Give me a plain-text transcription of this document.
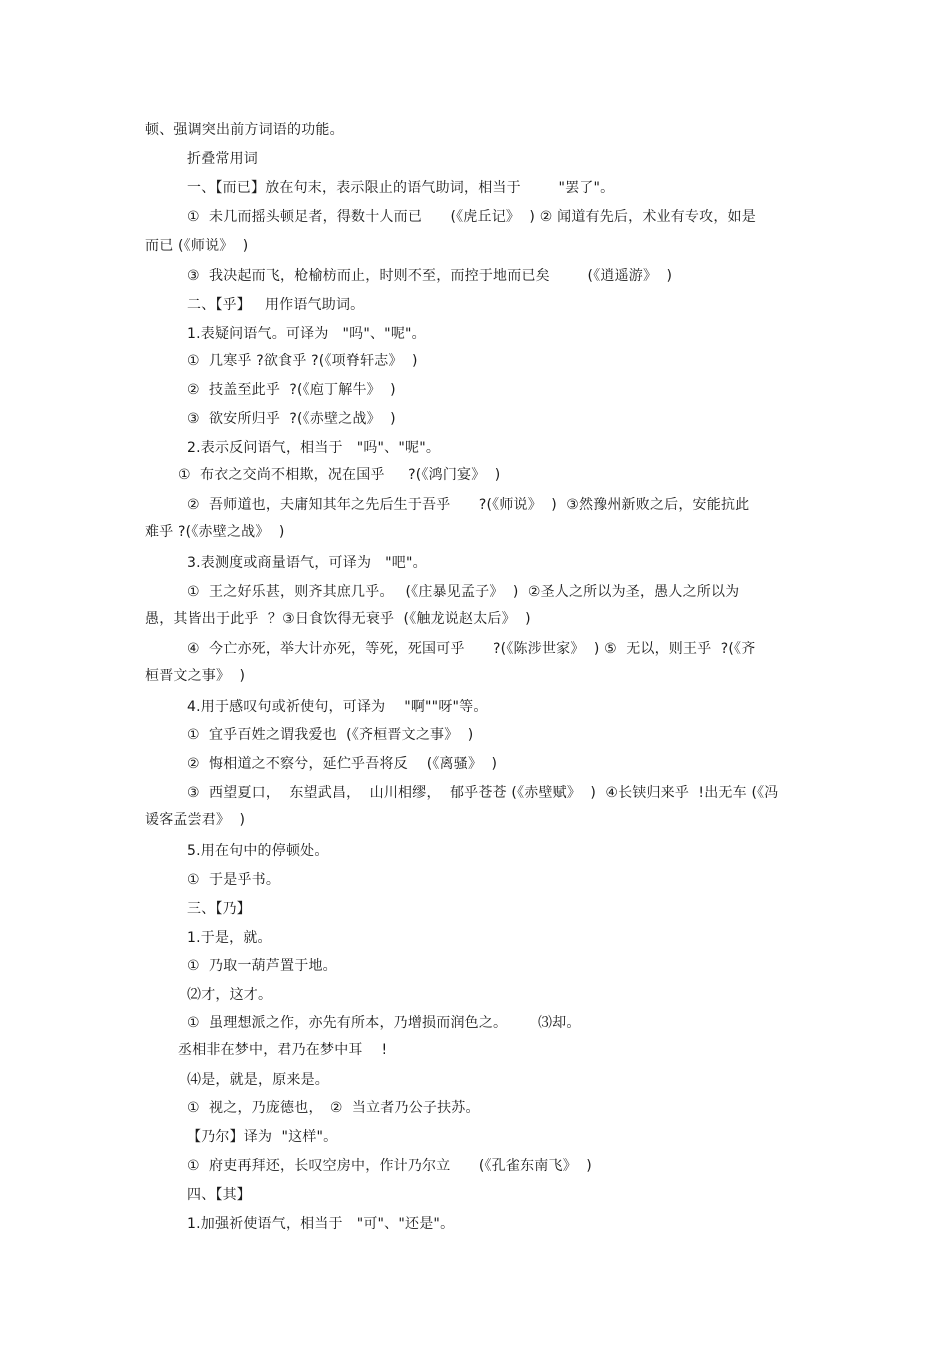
顿、强调突出前方词语的功能。
折叠常用词
一、【而已】放在句末，表示限止的语气助词，相当于　　  "罢了"。
①  未几而摇头顿足者，得数十人而已　　(《虎丘记》  ) ② 闻道有先后，术业有专攻，如是
而已 (《师说》  )
③  我决起而飞，枪榆枋而止，时则不至，而控于地而已矣　　  (《逍遥游》  )
二、【乎】   用作语气助词。
1.表疑问语气。可译为   "吗"、"呢"。
①  几寒乎 ?欲食乎 ?(《项脊轩志》  )
②  技盖至此乎  ?(《庖丁解牛》  )
③  欲安所归乎  ?(《赤壁之战》  )
2.表示反问语气，相当于   "吗"、"呢"。
①  布衣之交尚不相欺，况在国乎　  ?(《鸿门宴》  )
②  吾师道也，夫庸知其年之先后生于吾乎　　?(《师说》  )  ③然豫州新败之后，安能抗此
难乎 ?(《赤壁之战》  )
3.表测度或商量语气，可译为   "吧"。
①  王之好乐甚，则齐其庶几乎。　 (《庄暴见孟子》  )  ②圣人之所以为圣，愚人之所以为
愚，其皆出于此乎  ？③日食饮得无衰乎  (《触龙说赵太后》  )
④  今亡亦死，举大计亦死，等死，死国可乎　　?(《陈涉世家》  ) ⑤  无以，则王乎  ?(《齐
桓晋文之事》  )
4.用于感叹句或祈使句，可译为　 "啊""呀"等。
①  宜乎百姓之谓我爱也  (《齐桓晋文之事》  )
②  悔相道之不察兮，延伫乎吾将反　 (《离骚》  )
③  西望夏口，  东望武昌，  山川相缪，  郁乎苍苍 (《赤壁赋》  )  ④长铗归来乎  !出无车 (《冯
谖客孟尝君》  )
5.用在句中的停顿处。
①  于是乎书。
三、【乃】
1.于是，就。
①  乃取一葫芦置于地。
⑵才，这才。
①  虽理想派之作，亦先有所本，乃增损而润色之。　　  ⑶却。
丞相非在梦中，君乃在梦中耳　 !
⑷是，就是，原来是。
①  视之，乃庞德也，　②  当立者乃公子扶苏。
【乃尔】译为  "这样"。
①  府吏再拜还，长叹空房中，作计乃尔立　　(《孔雀东南飞》  )
四、【其】
1.加强祈使语气，相当于   "可"、"还是"。
